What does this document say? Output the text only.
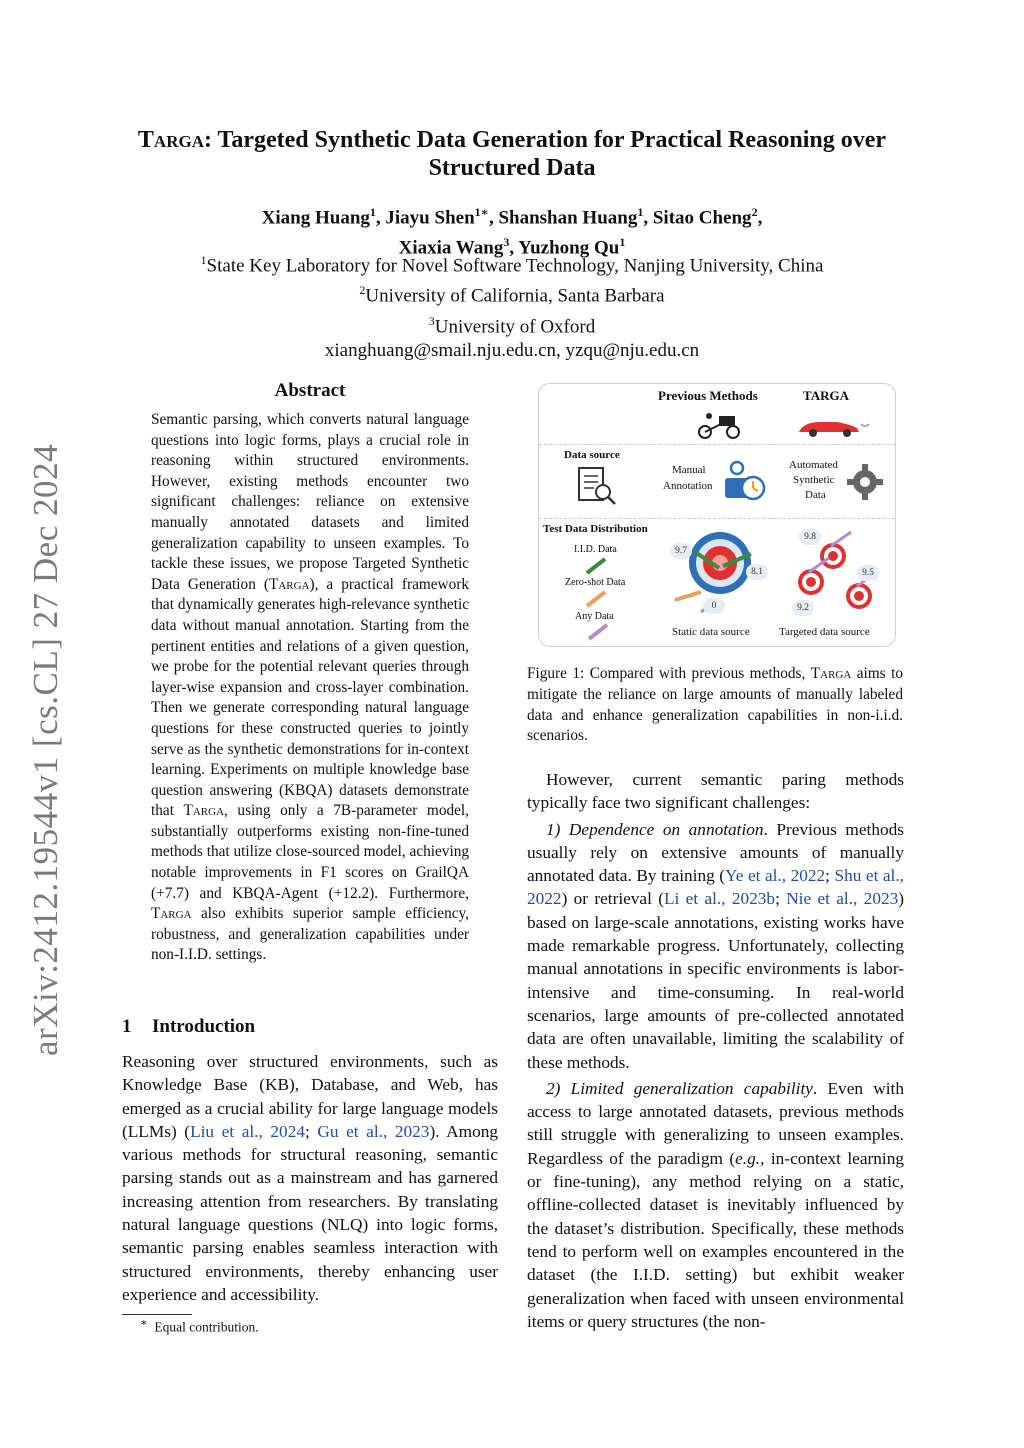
arXiv:2412.19544v1 [cs.CL] 27 Dec 2024
Targa: Targeted Synthetic Data Generation for Practical Reasoning over
Structured Data
Xiang Huang$^1$, Jiayu Shen$^{1∗}$, Shanshan Huang$^1$, Sitao Cheng$^2$,
Xiaxia Wang$^3$, Yuzhong Qu$^1$
$^1$State Key Laboratory for Novel Software Technology, Nanjing University, China
$^2$University of California, Santa Barbara
$^3$University of Oxford
xianghuang@smail.nju.edu.cn, yzqu@nju.edu.cn
Abstract
Semantic parsing, which converts natural language questions into logic forms, plays a crucial role in reasoning within structured environments. However, existing methods encounter two significant challenges: reliance on extensive manually annotated datasets and limited generalization capability to unseen examples. To tackle these issues, we propose Targeted Synthetic Data Generation (Targa), a practical framework that dynamically generates high-relevance synthetic data without manual annotation. Starting from the pertinent entities and relations of a given question, we probe for the potential relevant queries through layer-wise expansion and cross-layer combination. Then we generate corresponding natural language questions for these constructed queries to jointly serve as the synthetic demonstrations for in-context learning. Experiments on multiple knowledge base question answering (KBQA) datasets demonstrate that Targa, using only a 7B-parameter model, substantially outperforms existing non-fine-tuned methods that utilize close-sourced model, achieving notable improvements in F1 scores on GrailQA (+7.7) and KBQA-Agent (+12.2). Furthermore, Targa also exhibits superior sample efficiency, robustness, and generalization capabilities under non-I.I.D. settings.
1 Introduction

Reasoning over structured environments, such as Knowledge Base (KB), Database, and Web, has emerged as a crucial ability for large language models (LLMs) (Liu et al., 2024; Gu et al., 2023). Among various methods for structural reasoning, semantic parsing stands out as a mainstream and has garnered increasing attention from researchers. By translating natural language questions (NLQ) into logic forms, semantic parsing enables seamless interaction with structured environments, thereby enhancing user experience and accessibility.

∗ Equal contribution.
Previous Methods	TARGA
Data source
Manual
Annotation
Automated
Synthetic
Data
Test Data Distribution
I.I.D. Data
Zero-shot Data
Any Data
9.7
8.1
0
9.8
9.5
9.2
Static data source	Targeted data source
Figure 1: Compared with previous methods, Targa aims to mitigate the reliance on large amounts of manually labeled data and enhance generalization capabilities in non-i.i.d. scenarios.

However, current semantic paring methods typically face two significant challenges:

1) Dependence on annotation. Previous methods usually rely on extensive amounts of manually annotated data. By training (Ye et al., 2022; Shu et al., 2022) or retrieval (Li et al., 2023b; Nie et al., 2023) based on large-scale annotations, existing works have made remarkable progress. Unfortunately, collecting manual annotations in specific environments is labor-intensive and time-consuming. In real-world scenarios, large amounts of pre-collected annotated data are often unavailable, limiting the scalability of these methods.

2) Limited generalization capability. Even with access to large annotated datasets, previous methods still struggle with generalizing to unseen examples. Regardless of the paradigm (e.g., in-context learning or fine-tuning), any method relying on a static, offline-collected dataset is inevitably influenced by the dataset’s distribution. Specifically, these methods tend to perform well on examples encountered in the dataset (the I.I.D. setting) but exhibit weaker generalization when faced with unseen environmental items or query structures (the non-
